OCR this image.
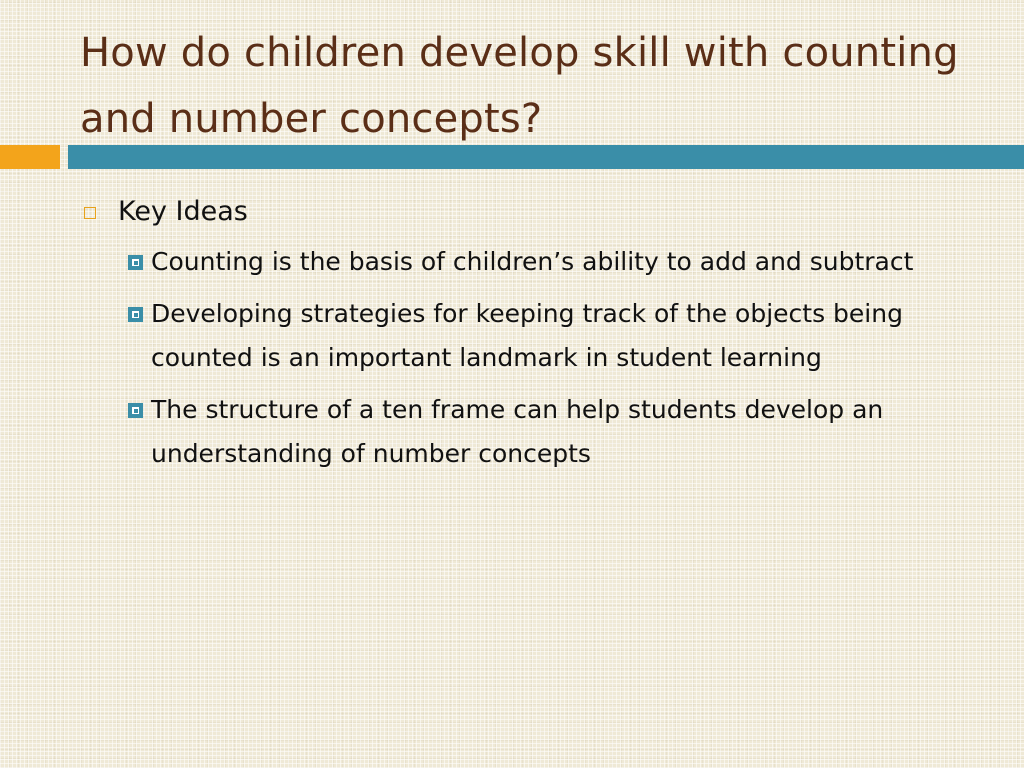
How do children develop skill with counting and number concepts?
Key Ideas
Counting is the basis of children’s ability to add and subtract
Developing strategies for keeping track of the objects being counted is an important landmark in student learning
The structure of a ten frame can help students develop an understanding of number concepts
